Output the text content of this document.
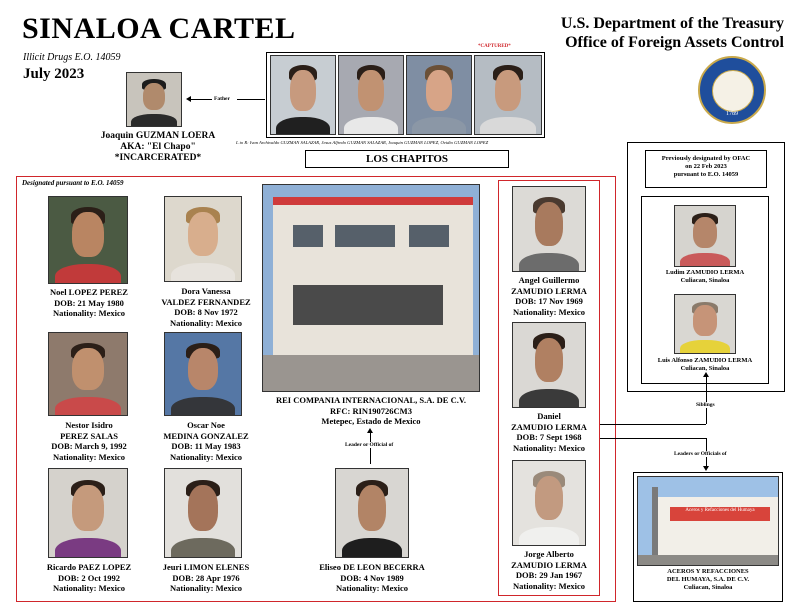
SINALOA CARTEL
Illicit Drugs E.O. 14059
July 2023
U.S. Department of the Treasury
Office of Foreign Assets Control
1789
Father
Joaquin GUZMAN LOERA
AKA: "El Chapo"
*INCARCERATED*
*CAPTURED*
L to R: Ivan Archivaldo GUZMAN SALAZAR, Jesus Alfredo GUZMAN SALAZAR, Joaquin GUZMAN LOPEZ, Ovidio GUZMAN LOPEZ
LOS CHAPITOS
Designated pursuant to E.O. 14059
Noel LOPEZ PEREZ
DOB: 21 May 1980
Nationality: Mexico
Dora Vanessa
VALDEZ FERNANDEZ
DOB: 8 Nov 1972
Nationality: Mexico
Nestor Isidro
PEREZ SALAS
DOB: March 9, 1992
Nationality: Mexico
Oscar Noe
MEDINA GONZALEZ
DOB: 11 May 1983
Nationality: Mexico
Ricardo PAEZ LOPEZ
DOB: 2 Oct 1992
Nationality: Mexico
Jeuri LIMON ELENES
DOB: 28 Apr 1976
Nationality: Mexico
REI COMPANIA INTERNACIONAL, S.A. DE C.V.
RFC: RIN190726CM3
Metepec, Estado de Mexico
Leader or Official of
Eliseo DE LEON BECERRA
DOB: 4 Nov 1989
Nationality: Mexico
Angel Guillermo
ZAMUDIO LERMA
DOB: 17 Nov 1969
Nationality: Mexico
Daniel
ZAMUDIO LERMA
DOB: 7 Sept 1968
Nationality: Mexico
Jorge Alberto
ZAMUDIO LERMA
DOB: 29 Jan 1967
Nationality: Mexico
Siblings
Leaders or Officials of
Previously designated by OFAC
on 22 Feb 2023
pursuant to E.O. 14059
Ludim ZAMUDIO LERMA
Culiacan, Sinaloa
Luis Alfonso ZAMUDIO LERMA
Culiacan, Sinaloa
Aceros y Refacciones del Humaya
ACEROS Y REFACCIONES
DEL HUMAYA, S.A. DE C.V.
Culiacan, Sinaloa
